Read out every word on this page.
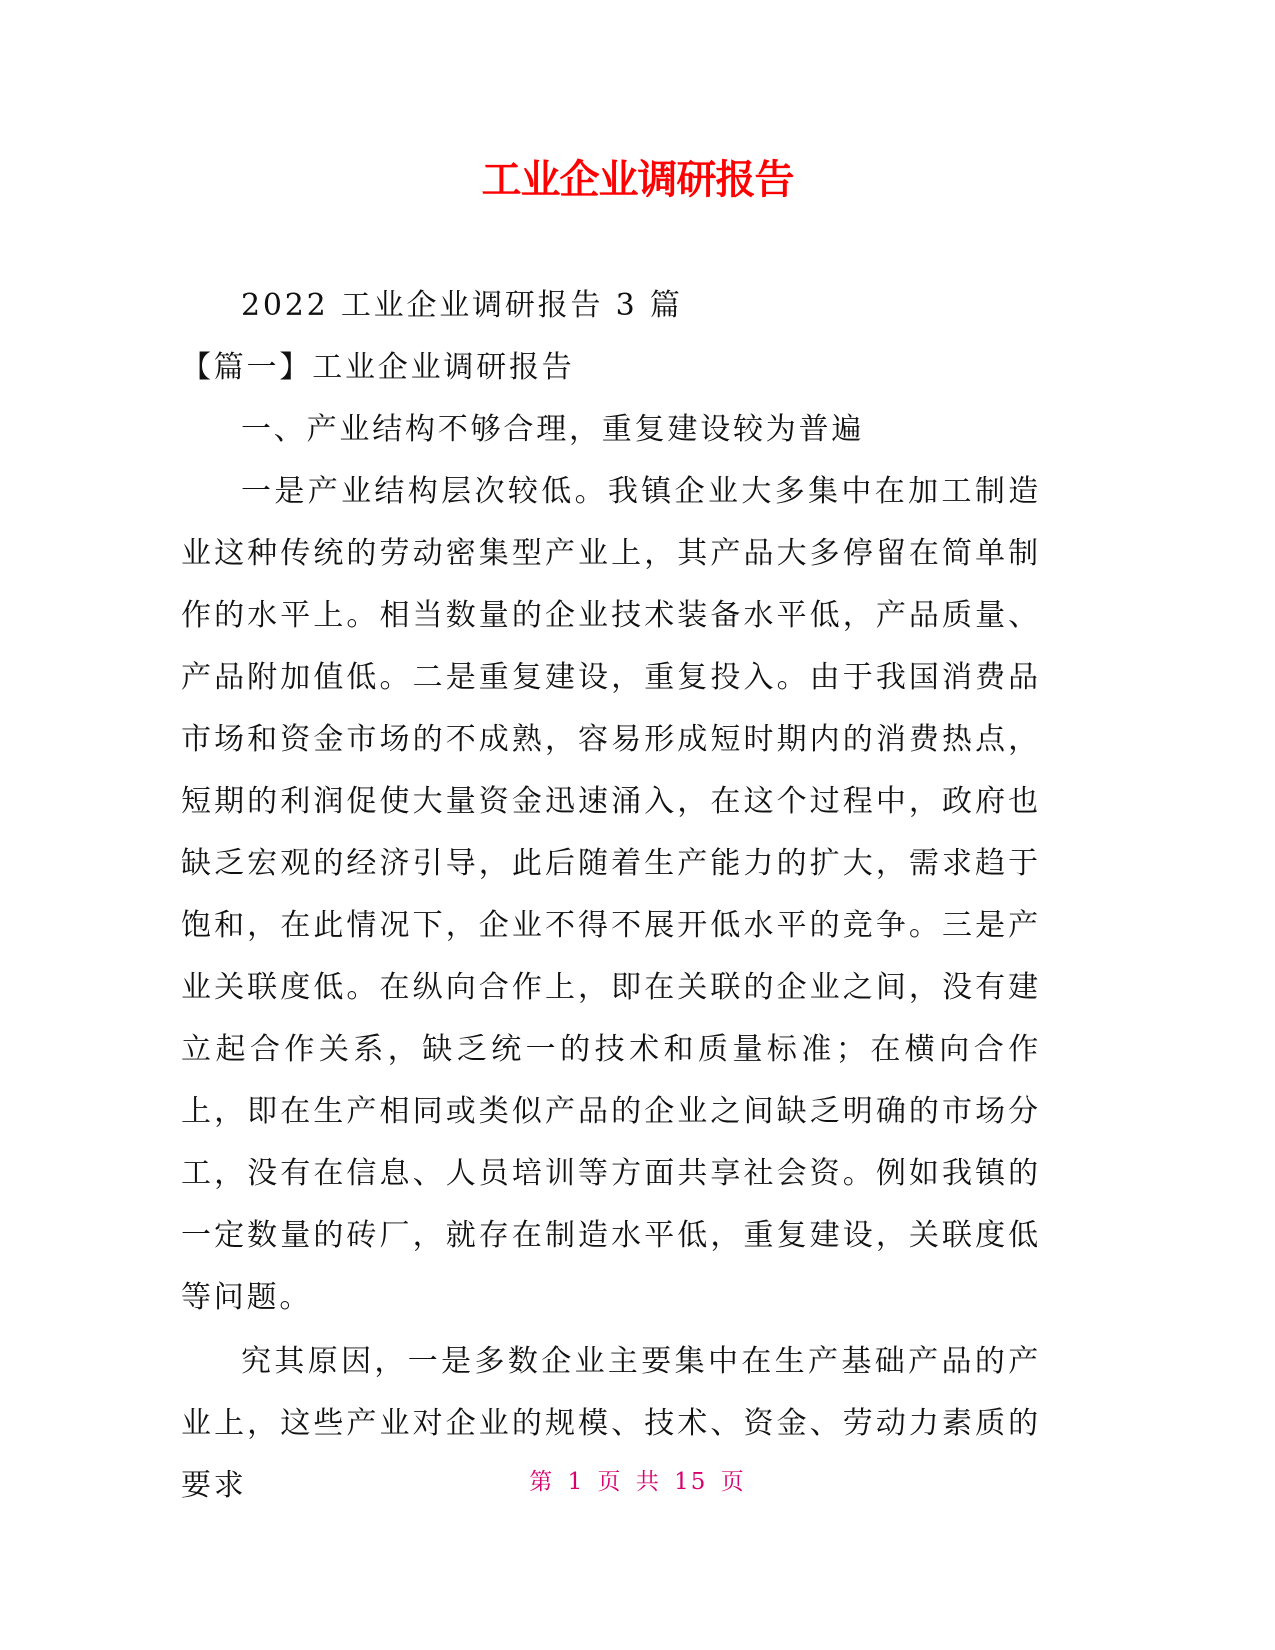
工业企业调研报告

2022 工业企业调研报告 3 篇

【篇一】工业企业调研报告

一、产业结构不够合理，重复建设较为普遍

一是产业结构层次较低。我镇企业大多集中在加工制造业这种传统的劳动密集型产业上，其产品大多停留在简单制作的水平上。相当数量的企业技术装备水平低，产品质量、产品附加值低。二是重复建设，重复投入。由于我国消费品市场和资金市场的不成熟，容易形成短时期内的消费热点，短期的利润促使大量资金迅速涌入，在这个过程中，政府也缺乏宏观的经济引导，此后随着生产能力的扩大，需求趋于饱和，在此情况下，企业不得不展开低水平的竞争。三是产业关联度低。在纵向合作上，即在关联的企业之间，没有建立起合作关系，缺乏统一的技术和质量标准；在横向合作上，即在生产相同或类似产品的企业之间缺乏明确的市场分工，没有在信息、人员培训等方面共享社会资。例如我镇的一定数量的砖厂，就存在制造水平低，重复建设，关联度低等问题。

究其原因，一是多数企业主要集中在生产基础产品的产业上，这些产业对企业的规模、技术、资金、劳动力素质的要求	第 1 页 共 15 页
